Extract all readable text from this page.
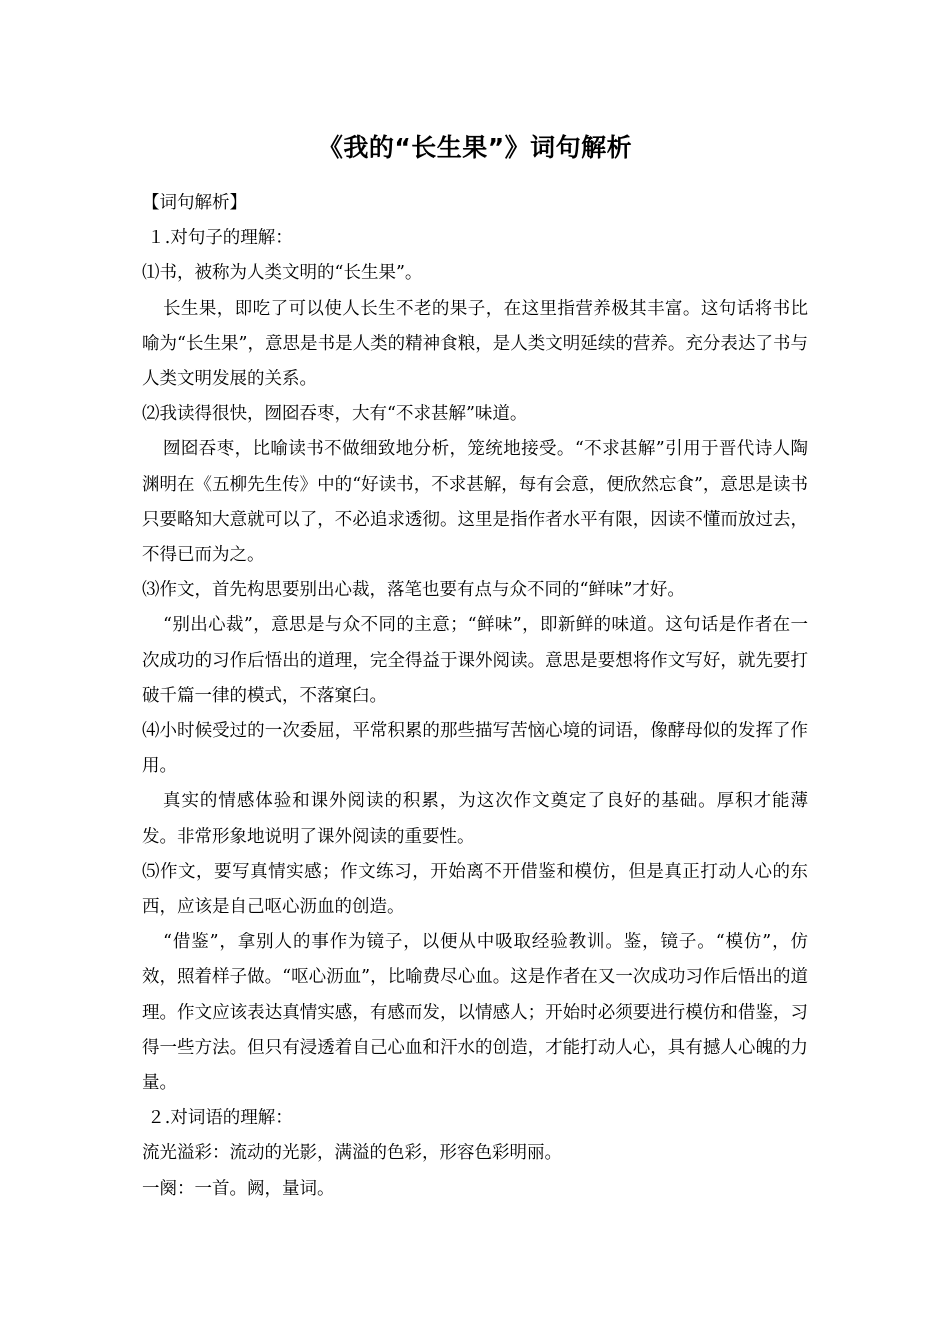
《我的“长生果”》词句解析

【词句解析】

１.对句子的理解：

⑴书，被称为人类文明的“长生果”。

长生果，即吃了可以使人长生不老的果子，在这里指营养极其丰富。这句话将书比喻为“长生果”，意思是书是人类的精神食粮，是人类文明延续的营养。充分表达了书与人类文明发展的关系。

⑵我读得很快，囫囵吞枣，大有“不求甚解”味道。

囫囵吞枣，比喻读书不做细致地分析，笼统地接受。“不求甚解”引用于晋代诗人陶渊明在《五柳先生传》中的“好读书，不求甚解，每有会意，便欣然忘食”，意思是读书只要略知大意就可以了，不必追求透彻。这里是指作者水平有限，因读不懂而放过去，不得已而为之。

⑶作文，首先构思要别出心裁，落笔也要有点与众不同的“鲜味”才好。

“别出心裁”，意思是与众不同的主意；“鲜味”，即新鲜的味道。这句话是作者在一次成功的习作后悟出的道理，完全得益于课外阅读。意思是要想将作文写好，就先要打破千篇一律的模式，不落窠臼。

⑷小时候受过的一次委屈，平常积累的那些描写苦恼心境的词语，像酵母似的发挥了作用。

真实的情感体验和课外阅读的积累，为这次作文奠定了良好的基础。厚积才能薄发。非常形象地说明了课外阅读的重要性。

⑸作文，要写真情实感；作文练习，开始离不开借鉴和模仿，但是真正打动人心的东西，应该是自己呕心沥血的创造。

“借鉴”，拿别人的事作为镜子，以便从中吸取经验教训。鉴，镜子。“模仿”，仿效，照着样子做。“呕心沥血”，比喻费尽心血。这是作者在又一次成功习作后悟出的道理。作文应该表达真情实感，有感而发，以情感人；开始时必须要进行模仿和借鉴，习得一些方法。但只有浸透着自己心血和汗水的创造，才能打动人心，具有撼人心魄的力量。

２.对词语的理解：

流光溢彩：流动的光影，满溢的色彩，形容色彩明丽。

一阕：一首。阙，量词。
